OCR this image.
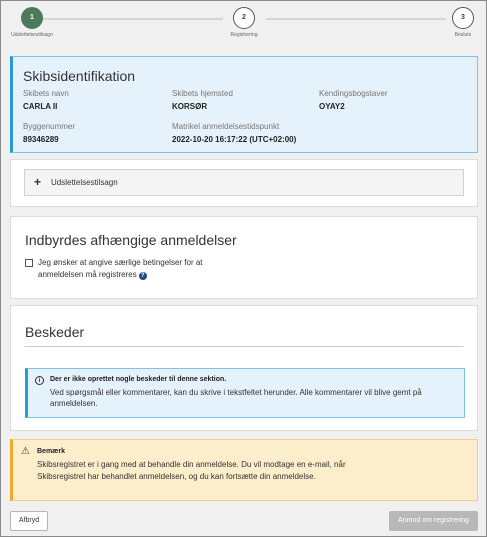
1
Udslettelsestilsagn
2
Registrering
3
Besluts
Skibsidentifikation
Skibets navn
CARLA II
Skibets hjemsted
KORSØR
Kendingsbogstaver
OYAY2
Byggenummer
89346289
Matrikel anmeldelsestidspunkt
2022-10-20 16:17:22 (UTC+02:00)
+ Udslettelsestilsagn
Indbyrdes afhængige anmeldelser
Jeg ønsker at angive særlige betingelser for at anmeldelsen må registreres ?
Beskeder
i	Der er ikke oprettet nogle beskeder til denne sektion.
Ved spørgsmål eller kommentarer, kan du skrive i tekstfeltet herunder. Alle kommentarer vil blive gemt på anmeldelsen.
⚠ Bemærk
Skibsregistret er i gang med at behandle din anmeldelse. Du vil modtage en e-mail, når Skibsregistret har behandlet anmeldelsen, og du kan fortsætte din anmeldelse.
Afbryd	Anmod om registrering
